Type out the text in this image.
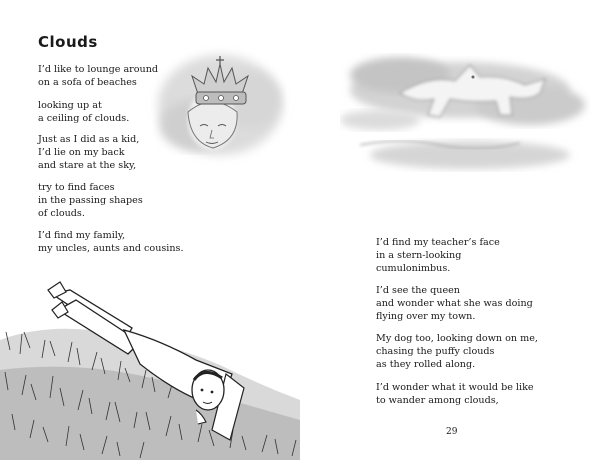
Clouds

I’d like to lounge around
on a sofa of beaches

looking up at
a ceiling of clouds.

Just as I did as a kid,
I’d lie on my back
and stare at the sky,

try to find faces
in the passing shapes
of clouds.

I’d find my family,
my uncles, aunts and cousins.

I’d find my teacher’s face
in a stern-looking
cumulonimbus.

I’d see the queen
and wonder what she was doing
flying over my town.

My dog too, looking down on me,
chasing the puffy clouds
as they rolled along.

I’d wonder what it would be like
to wander among clouds,

29
